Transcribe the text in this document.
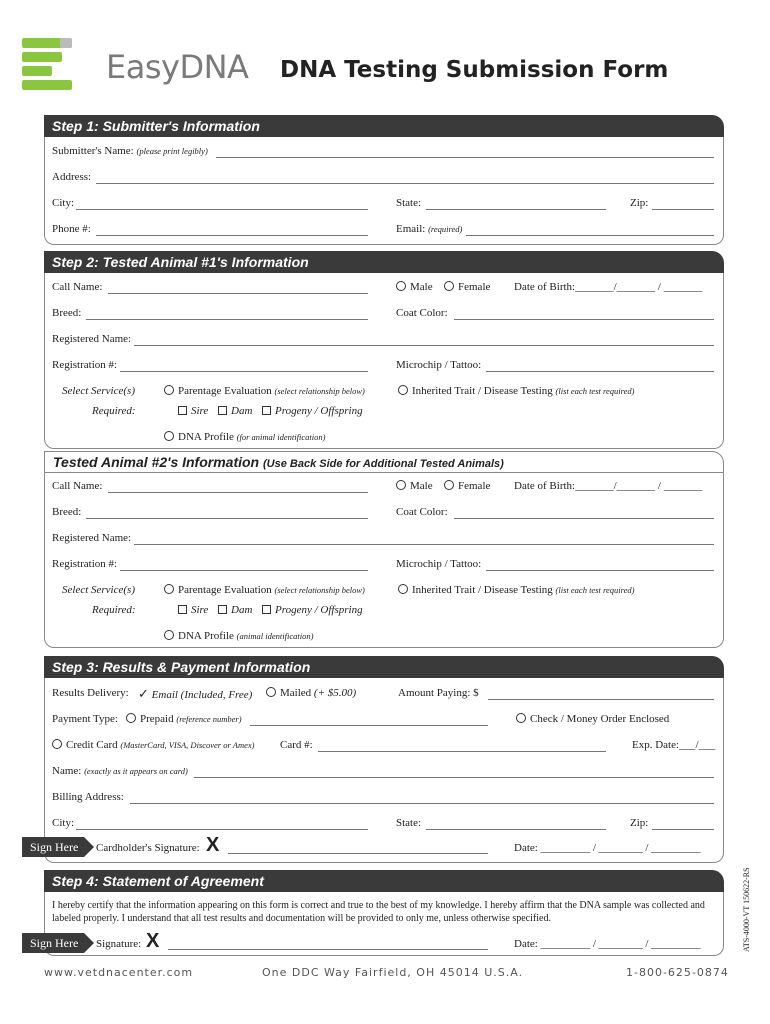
EasyDNA DNA Testing Submission Form
Step 1: Submitter's Information
Submitter's Name: (please print legibly)
Address:
City:	State:	Zip:
Phone #:	Email: (required)
Step 2: Tested Animal #1's Information
Call Name:	Male	Female Date of Birth:_______/_______ / _______
Breed:	Coat Color:
Registered Name:
Registration #:	Microchip / Tattoo:
Select Service(s)	Parentage Evaluation (select relationship below)	Inherited Trait / Disease Testing (list each test required)
Required:	Sire	Dam	Progeny / Offspring
DNA Profile (for animal identification)
Tested Animal #2's Information (Use Back Side for Additional Tested Animals)
Call Name:	Male	Female Date of Birth:_______/_______ / _______
Breed:	Coat Color:
Registered Name:
Registration #:	Microchip / Tattoo:
Select Service(s)	Parentage Evaluation (select relationship below)	Inherited Trait / Disease Testing (list each test required)
Required:	Sire	Dam	Progeny / Offspring
DNA Profile (animal identification)
Step 3: Results & Payment Information
Results Delivery: ✓ Email (Included, Free)	Mailed (+ $5.00)	Amount Paying: $
Payment Type:	Prepaid (reference number)	Check / Money Order Enclosed
Credit Card (MasterCard, VISA, Discover or Amex) Card #:	Exp. Date:___/___
Name: (exactly as it appears on card)
Billing Address:
City:	State:	Zip:
Sign Here	Cardholder's Signature: X	Date: _________ / ________ / _________
Step 4: Statement of Agreement
I hereby certify that the information appearing on this form is correct and true to the best of my knowledge. I hereby affirm that the DNA sample was collected and
labeled properly. I understand that all test results and documentation will be provided to only me, unless otherwise specified.
Sign Here	Signature: X	Date: _________ / ________ / _________	ATS-4000-VT 150622-RS
www.vetdnacenter.com	One DDC Way Fairfield, OH 45014 U.S.A.	1-800-625-0874
